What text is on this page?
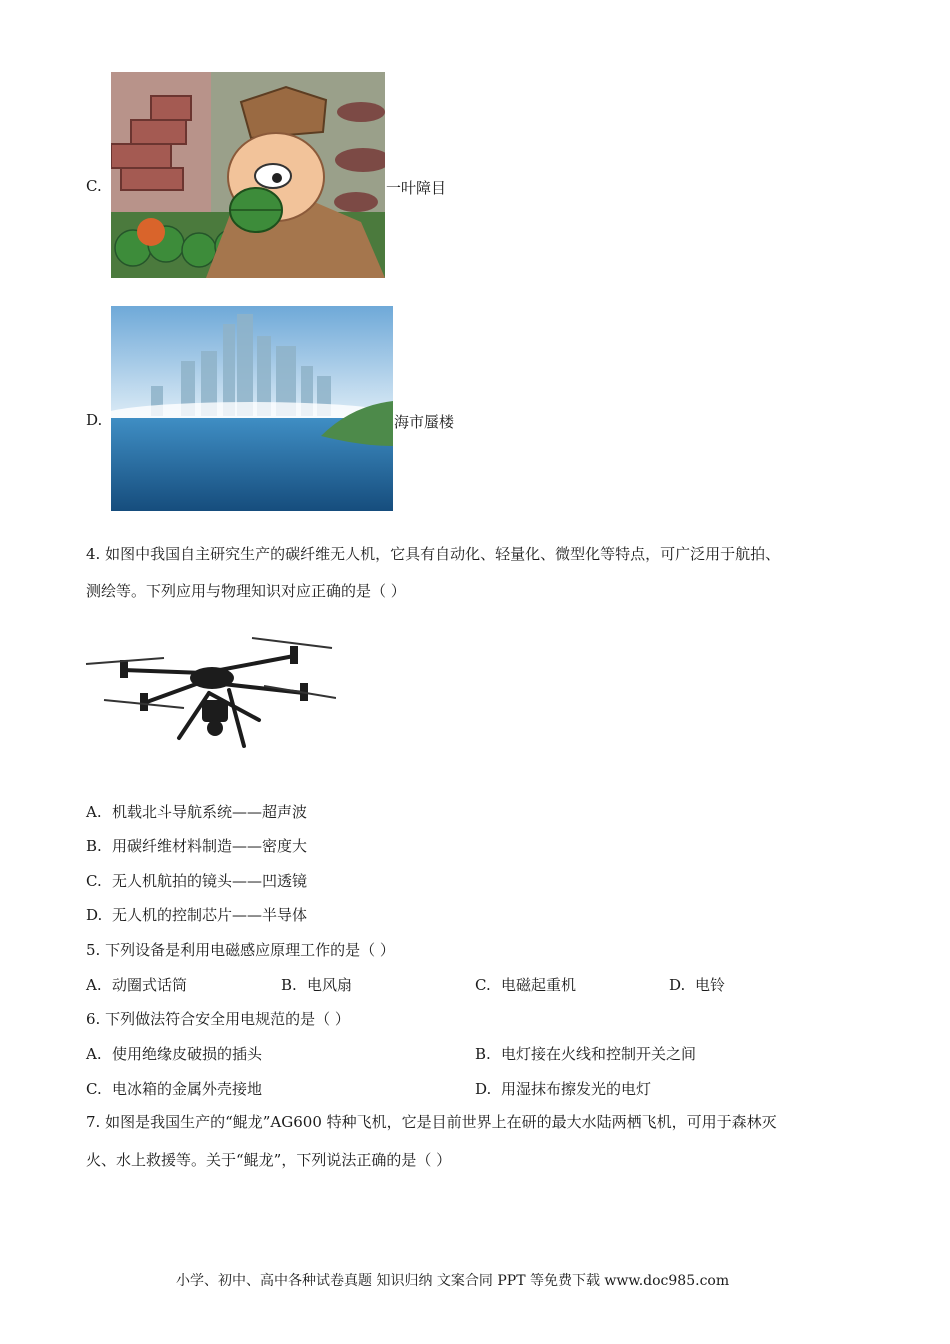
C.	一叶障目
D.	海市蜃楼
4. 如图中我国自主研究生产的碳纤维无人机，它具有自动化、轻量化、微型化等特点，可广泛用于航拍、
测绘等。下列应用与物理知识对应正确的是（ ）
A. 机载北斗导航系统——超声波
B. 用碳纤维材料制造——密度大
C. 无人机航拍的镜头——凹透镜
D. 无人机的控制芯片——半导体
5. 下列设备是利用电磁感应原理工作的是（ ）
A. 动圈式话筒	B. 电风扇	C. 电磁起重机	D. 电铃
6. 下列做法符合安全用电规范的是（ ）
A. 使用绝缘皮破损的插头	B. 电灯接在火线和控制开关之间
C. 电冰箱的金属外壳接地	D. 用湿抹布擦发光的电灯
7. 如图是我国生产的“鲲龙”AG600 特种飞机，它是目前世界上在研的最大水陆两栖飞机，可用于森林灭
火、水上救援等。关于“鲲龙”，下列说法正确的是（ ）
小学、初中、高中各种试卷真题 知识归纳 文案合同 PPT 等免费下载 www.doc985.com
